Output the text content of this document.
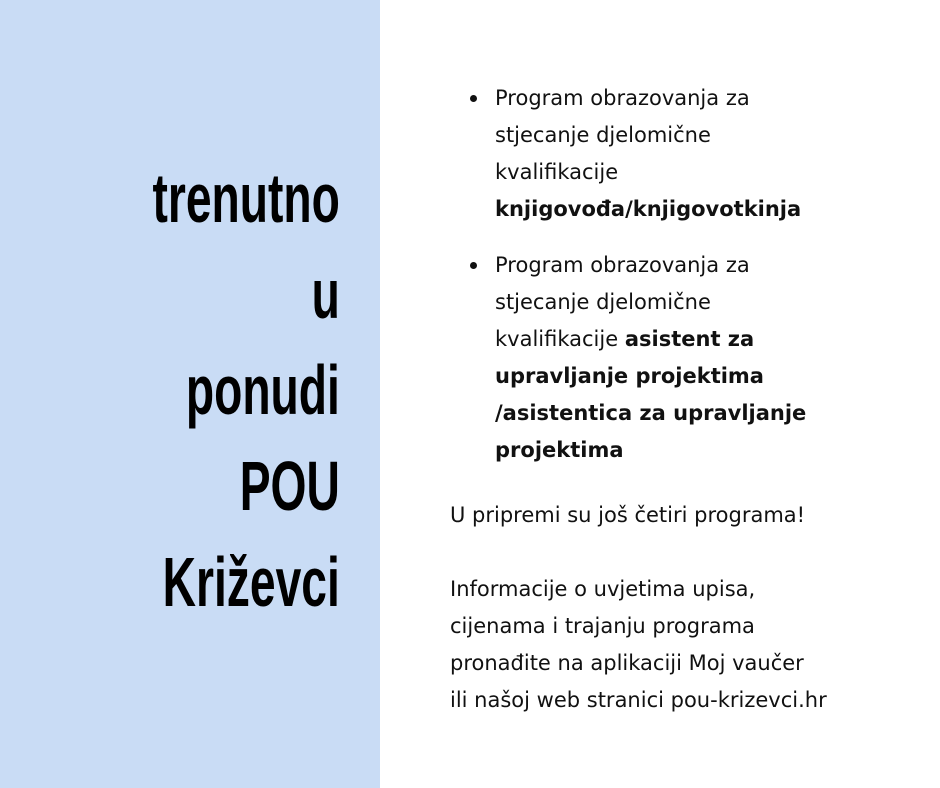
trenutno
u
ponudi
POU
Križevci
Program obrazovanja za
stjecanje djelomične
kvalifikacije
knjigovođa/knjigovotkinja
Program obrazovanja za
stjecanje djelomične
kvalifikacije asistent za
upravljanje projektima
/asistentica za upravljanje
projektima

U pripremi su još četiri programa!

Informacije o uvjetima upisa,
cijenama i trajanju programa
pronađite na aplikaciji Moj vaučer
ili našoj web stranici pou-krizevci.hr
